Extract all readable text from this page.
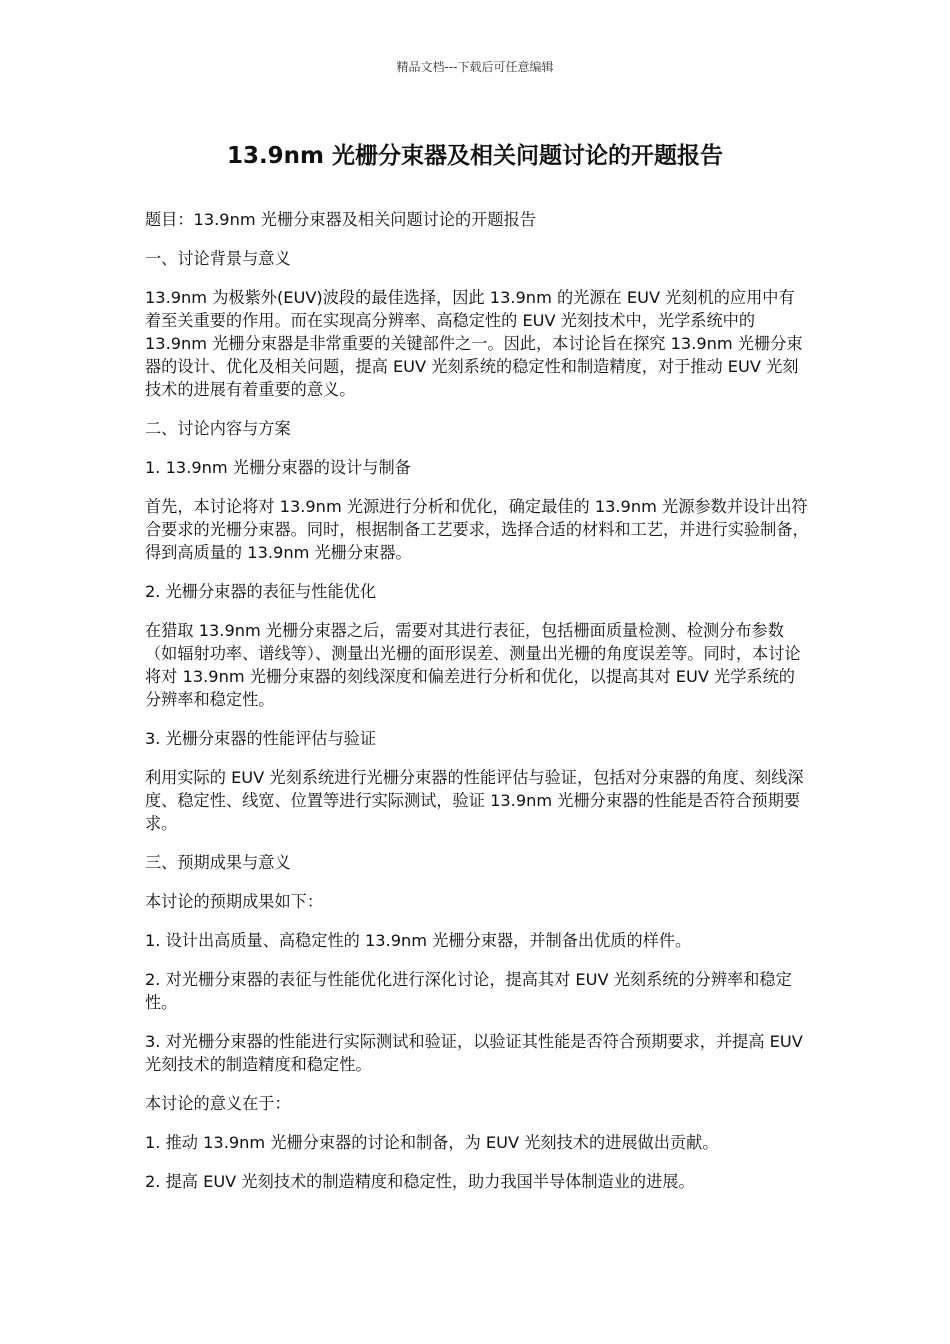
精品文档---下载后可任意编辑
13.9nm 光栅分束器及相关问题讨论的开题报告

题目：13.9nm 光栅分束器及相关问题讨论的开题报告

一、讨论背景与意义

13.9nm 为极紫外(EUV)波段的最佳选择，因此 13.9nm 的光源在 EUV 光刻机的应用中有着至关重要的作用。而在实现高分辨率、高稳定性的 EUV 光刻技术中，光学系统中的 13.9nm 光栅分束器是非常重要的关键部件之一。因此，本讨论旨在探究 13.9nm 光栅分束器的设计、优化及相关问题，提高 EUV 光刻系统的稳定性和制造精度，对于推动 EUV 光刻技术的进展有着重要的意义。

二、讨论内容与方案

1. 13.9nm 光栅分束器的设计与制备

首先，本讨论将对 13.9nm 光源进行分析和优化，确定最佳的 13.9nm 光源参数并设计出符合要求的光栅分束器。同时，根据制备工艺要求，选择合适的材料和工艺，并进行实验制备，得到高质量的 13.9nm 光栅分束器。

2. 光栅分束器的表征与性能优化

在猎取 13.9nm 光栅分束器之后，需要对其进行表征，包括栅面质量检测、检测分布参数（如辐射功率、谱线等）、测量出光栅的面形误差、测量出光栅的角度误差等。同时，本讨论将对 13.9nm 光栅分束器的刻线深度和偏差进行分析和优化，以提高其对 EUV 光学系统的分辨率和稳定性。

3. 光栅分束器的性能评估与验证

利用实际的 EUV 光刻系统进行光栅分束器的性能评估与验证，包括对分束器的角度、刻线深度、稳定性、线宽、位置等进行实际测试，验证 13.9nm 光栅分束器的性能是否符合预期要求。

三、预期成果与意义

本讨论的预期成果如下：

1. 设计出高质量、高稳定性的 13.9nm 光栅分束器，并制备出优质的样件。

2. 对光栅分束器的表征与性能优化进行深化讨论，提高其对 EUV 光刻系统的分辨率和稳定性。

3. 对光栅分束器的性能进行实际测试和验证，以验证其性能是否符合预期要求，并提高 EUV 光刻技术的制造精度和稳定性。

本讨论的意义在于：

1. 推动 13.9nm 光栅分束器的讨论和制备，为 EUV 光刻技术的进展做出贡献。

2. 提高 EUV 光刻技术的制造精度和稳定性，助力我国半导体制造业的进展。
